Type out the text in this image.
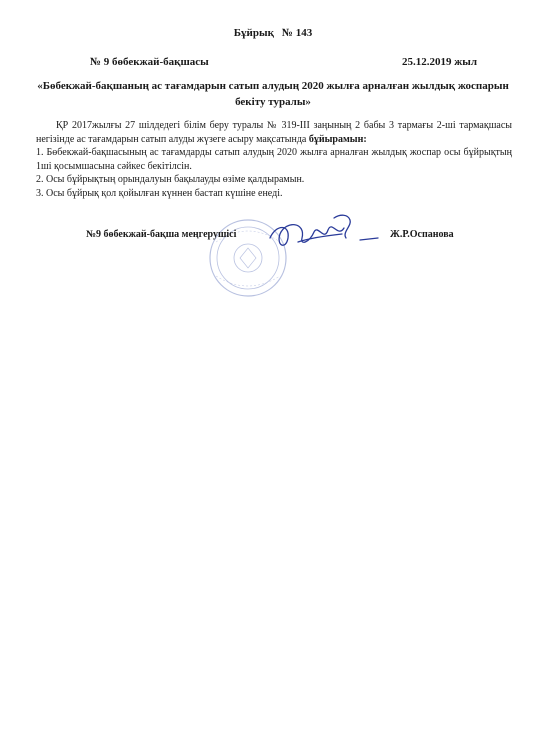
Бұйрық № 143
№ 9 бөбекжай-бақшасы	25.12.2019 жыл
«Бөбекжай-бақшаның ас тағамдарын сатып алудың 2020 жылға арналған жылдық жоспарын
бекіту туралы»

ҚР 2017жылғы 27 шілдедегі білім беру туралы № 319-ІІІ заңының 2 бабы 3 тармағы 2-ші тармақшасы негізінде ас тағамдарын сатып алуды жүзеге асыру мақсатында бұйырамын:

1. Бөбекжай-бақшасының ас тағамдарды сатып алудың 2020 жылға арналған жылдық жоспар осы бұйрықтың 1ші қосымшасына сәйкес бекітілсін.

2. Осы бұйрықтың орындалуын бақылауды өзіме қалдырамын.

3. Осы бұйрық қол қойылған күннен бастап күшіне енеді.

№9 бөбекжай-бақша меңгерушісі	Ж.Р.Оспанова
